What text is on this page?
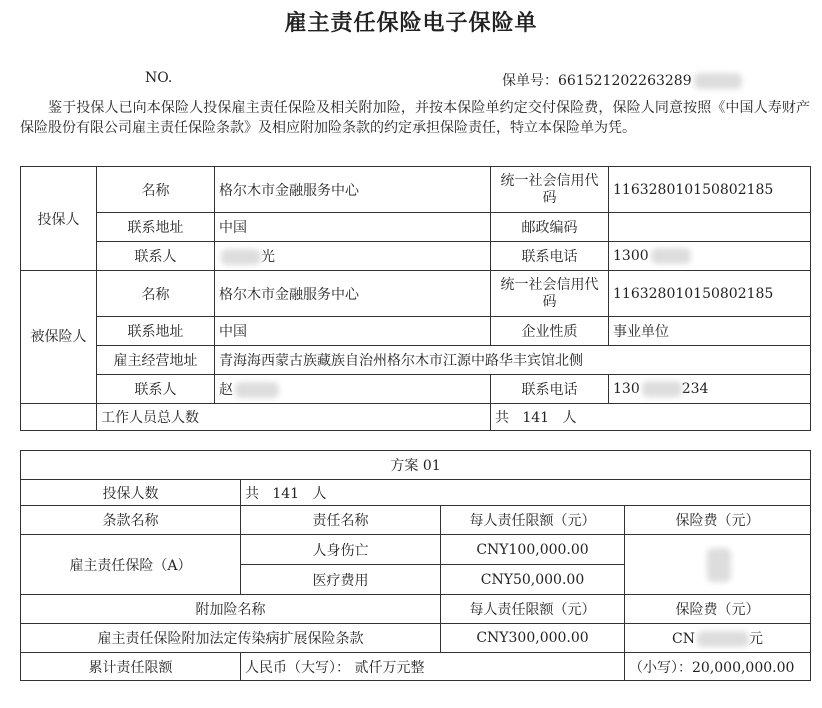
雇主责任保险电子保险单
NO.	保单号：661521202263289
鉴于投保人已向本保险人投保雇主责任保险及相关附加险，并按本保险单约定交付保险费，保险人同意按照《中国人寿财产保险股份有限公司雇主责任保险条款》及相应附加险条款的约定承担保险责任，特立本保险单为凭。
投保人	名称	格尔木市金融服务中心	统一社会信用代码	116328010150802185
	联系地址	中国	邮政编码	
	联系人	光	联系电话	1300
被保险人	名称	格尔木市金融服务中心	统一社会信用代码	116328010150802185
	联系地址	中国	企业性质	事业单位
	雇主经营地址	青海海西蒙古族藏族自治州格尔木市江源中路华丰宾馆北侧		
	联系人	赵	联系电话	130 234
	工作人员总人数		共 141 人	
方案 01			
投保人数	共 141 人		
条款名称	责任名称	每人责任限额（元）	保险费（元）
雇主责任保险（A）	人身伤亡	CNY100,000.00	
	医疗费用	CNY50,000.00	
附加险名称		每人责任限额（元）	保险费（元）
雇主责任保险附加法定传染病扩展保险条款		CNY300,000.00	CN 元
累计责任限额	人民币（大写）： 贰仟万元整		（小写）：20,000,000.00
